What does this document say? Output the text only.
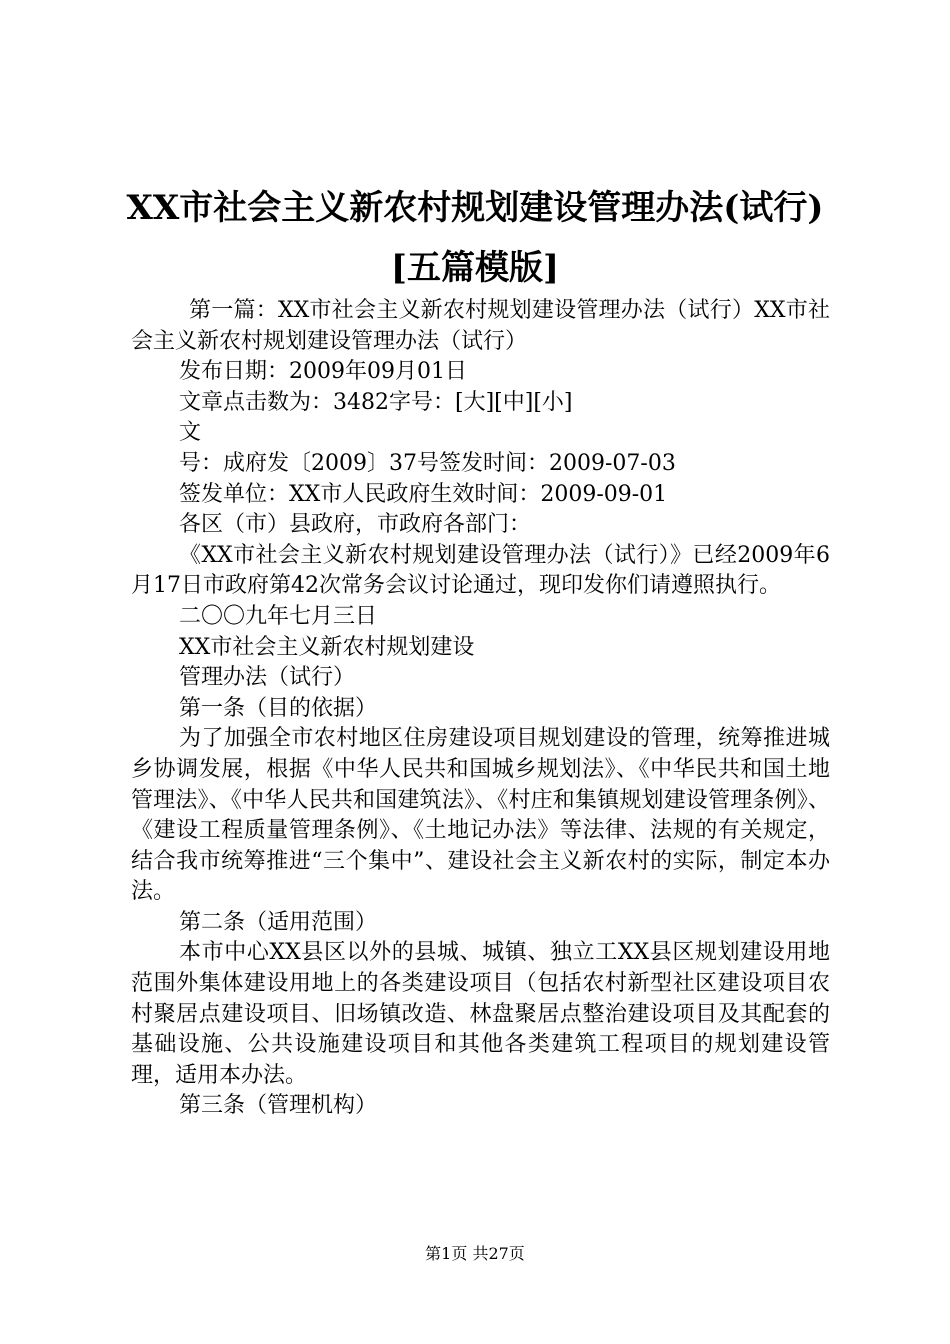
XX市社会主义新农村规划建设管理办法(试行)[五篇模版]

第一篇：XX市社会主义新农村规划建设管理办法（试行）XX市社会主义新农村规划建设管理办法（试行）

发布日期：2009年09月01日

文章点击数为：3482字号：[大][中][小]

文

号：成府发〔2009〕37号签发时间：2009-07-03

签发单位：XX市人民政府生效时间：2009-09-01

各区（市）县政府，市政府各部门：

《XX市社会主义新农村规划建设管理办法（试行）》已经2009年6月17日市政府第42次常务会议讨论通过，现印发你们请遵照执行。

二〇〇九年七月三日

XX市社会主义新农村规划建设

管理办法（试行）

第一条（目的依据）

为了加强全市农村地区住房建设项目规划建设的管理，统筹推进城乡协调发展，根据《中华人民共和国城乡规划法》、《中华民共和国土地管理法》、《中华人民共和国建筑法》、《村庄和集镇规划建设管理条例》、《建设工程质量管理条例》、《土地记办法》等法律、法规的有关规定，结合我市统筹推进“三个集中”、建设社会主义新农村的实际，制定本办法。

第二条（适用范围）

本市中心XX县区以外的县城、城镇、独立工XX县区规划建设用地范围外集体建设用地上的各类建设项目（包括农村新型社区建设项目农村聚居点建设项目、旧场镇改造、林盘聚居点整治建设项目及其配套的基础设施、公共设施建设项目和其他各类建筑工程项目的规划建设管理，适用本办法。

第三条（管理机构）

第1页 共27页
